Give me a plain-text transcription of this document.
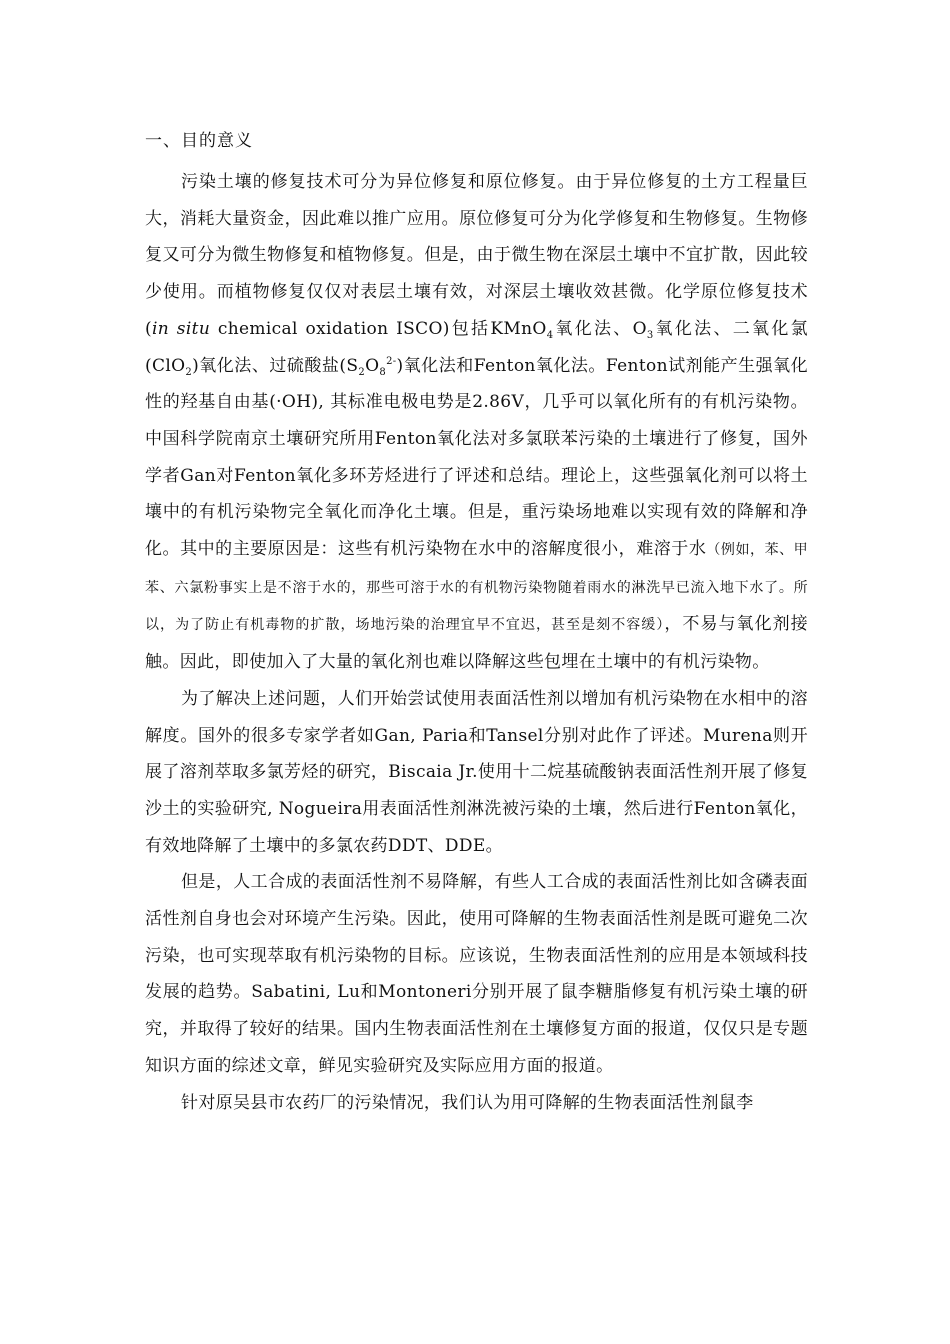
一、目的意义

污染土壤的修复技术可分为异位修复和原位修复。由于异位修复的土方工程量巨大，消耗大量资金，因此难以推广应用。原位修复可分为化学修复和生物修复。生物修复又可分为微生物修复和植物修复。但是，由于微生物在深层土壤中不宜扩散，因此较少使用。而植物修复仅仅对表层土壤有效，对深层土壤收效甚微。化学原位修复技术(in situ chemical oxidation ISCO)包括KMnO$_4$氧化法、$O_3$氧化法、二氧化氯(ClO$_2$)氧化法、过硫酸盐$(S_2O_8^{2-})$氧化法和Fenton氧化法。Fenton试剂能产生强氧化性的羟基自由基(·OH), 其标准电极电势是2.86V，几乎可以氧化所有的有机污染物。中国科学院南京土壤研究所用Fenton氧化法对多氯联苯污染的土壤进行了修复，国外学者Gan对Fenton氧化多环芳烃进行了评述和总结。理论上，这些强氧化剂可以将土壤中的有机污染物完全氧化而净化土壤。但是，重污染场地难以实现有效的降解和净化。其中的主要原因是：这些有机污染物在水中的溶解度很小，难溶于水（例如，苯、甲苯、六氯粉事实上是不溶于水的，那些可溶于水的有机物污染物随着雨水的淋洗早已流入地下水了。所以，为了防止有机毒物的扩散，场地污染的治理宜早不宜迟，甚至是刻不容缓），不易与氧化剂接触。因此，即使加入了大量的氧化剂也难以降解这些包埋在土壤中的有机污染物。

为了解决上述问题，人们开始尝试使用表面活性剂以增加有机污染物在水相中的溶解度。国外的很多专家学者如Gan, Paria和Tansel分别对此作了评述。Murena则开展了溶剂萃取多氯芳烃的研究，Biscaia Jr.使用十二烷基硫酸钠表面活性剂开展了修复沙土的实验研究, Nogueira用表面活性剂淋洗被污染的土壤，然后进行Fenton氧化，有效地降解了土壤中的多氯农药DDT、DDE。

但是，人工合成的表面活性剂不易降解，有些人工合成的表面活性剂比如含磷表面活性剂自身也会对环境产生污染。因此，使用可降解的生物表面活性剂是既可避免二次污染，也可实现萃取有机污染物的目标。应该说，生物表面活性剂的应用是本领域科技发展的趋势。Sabatini, Lu和Montoneri分别开展了鼠李糖脂修复有机污染土壤的研究，并取得了较好的结果。国内生物表面活性剂在土壤修复方面的报道，仅仅只是专题知识方面的综述文章，鲜见实验研究及实际应用方面的报道。

针对原吴县市农药厂的污染情况，我们认为用可降解的生物表面活性剂鼠李
